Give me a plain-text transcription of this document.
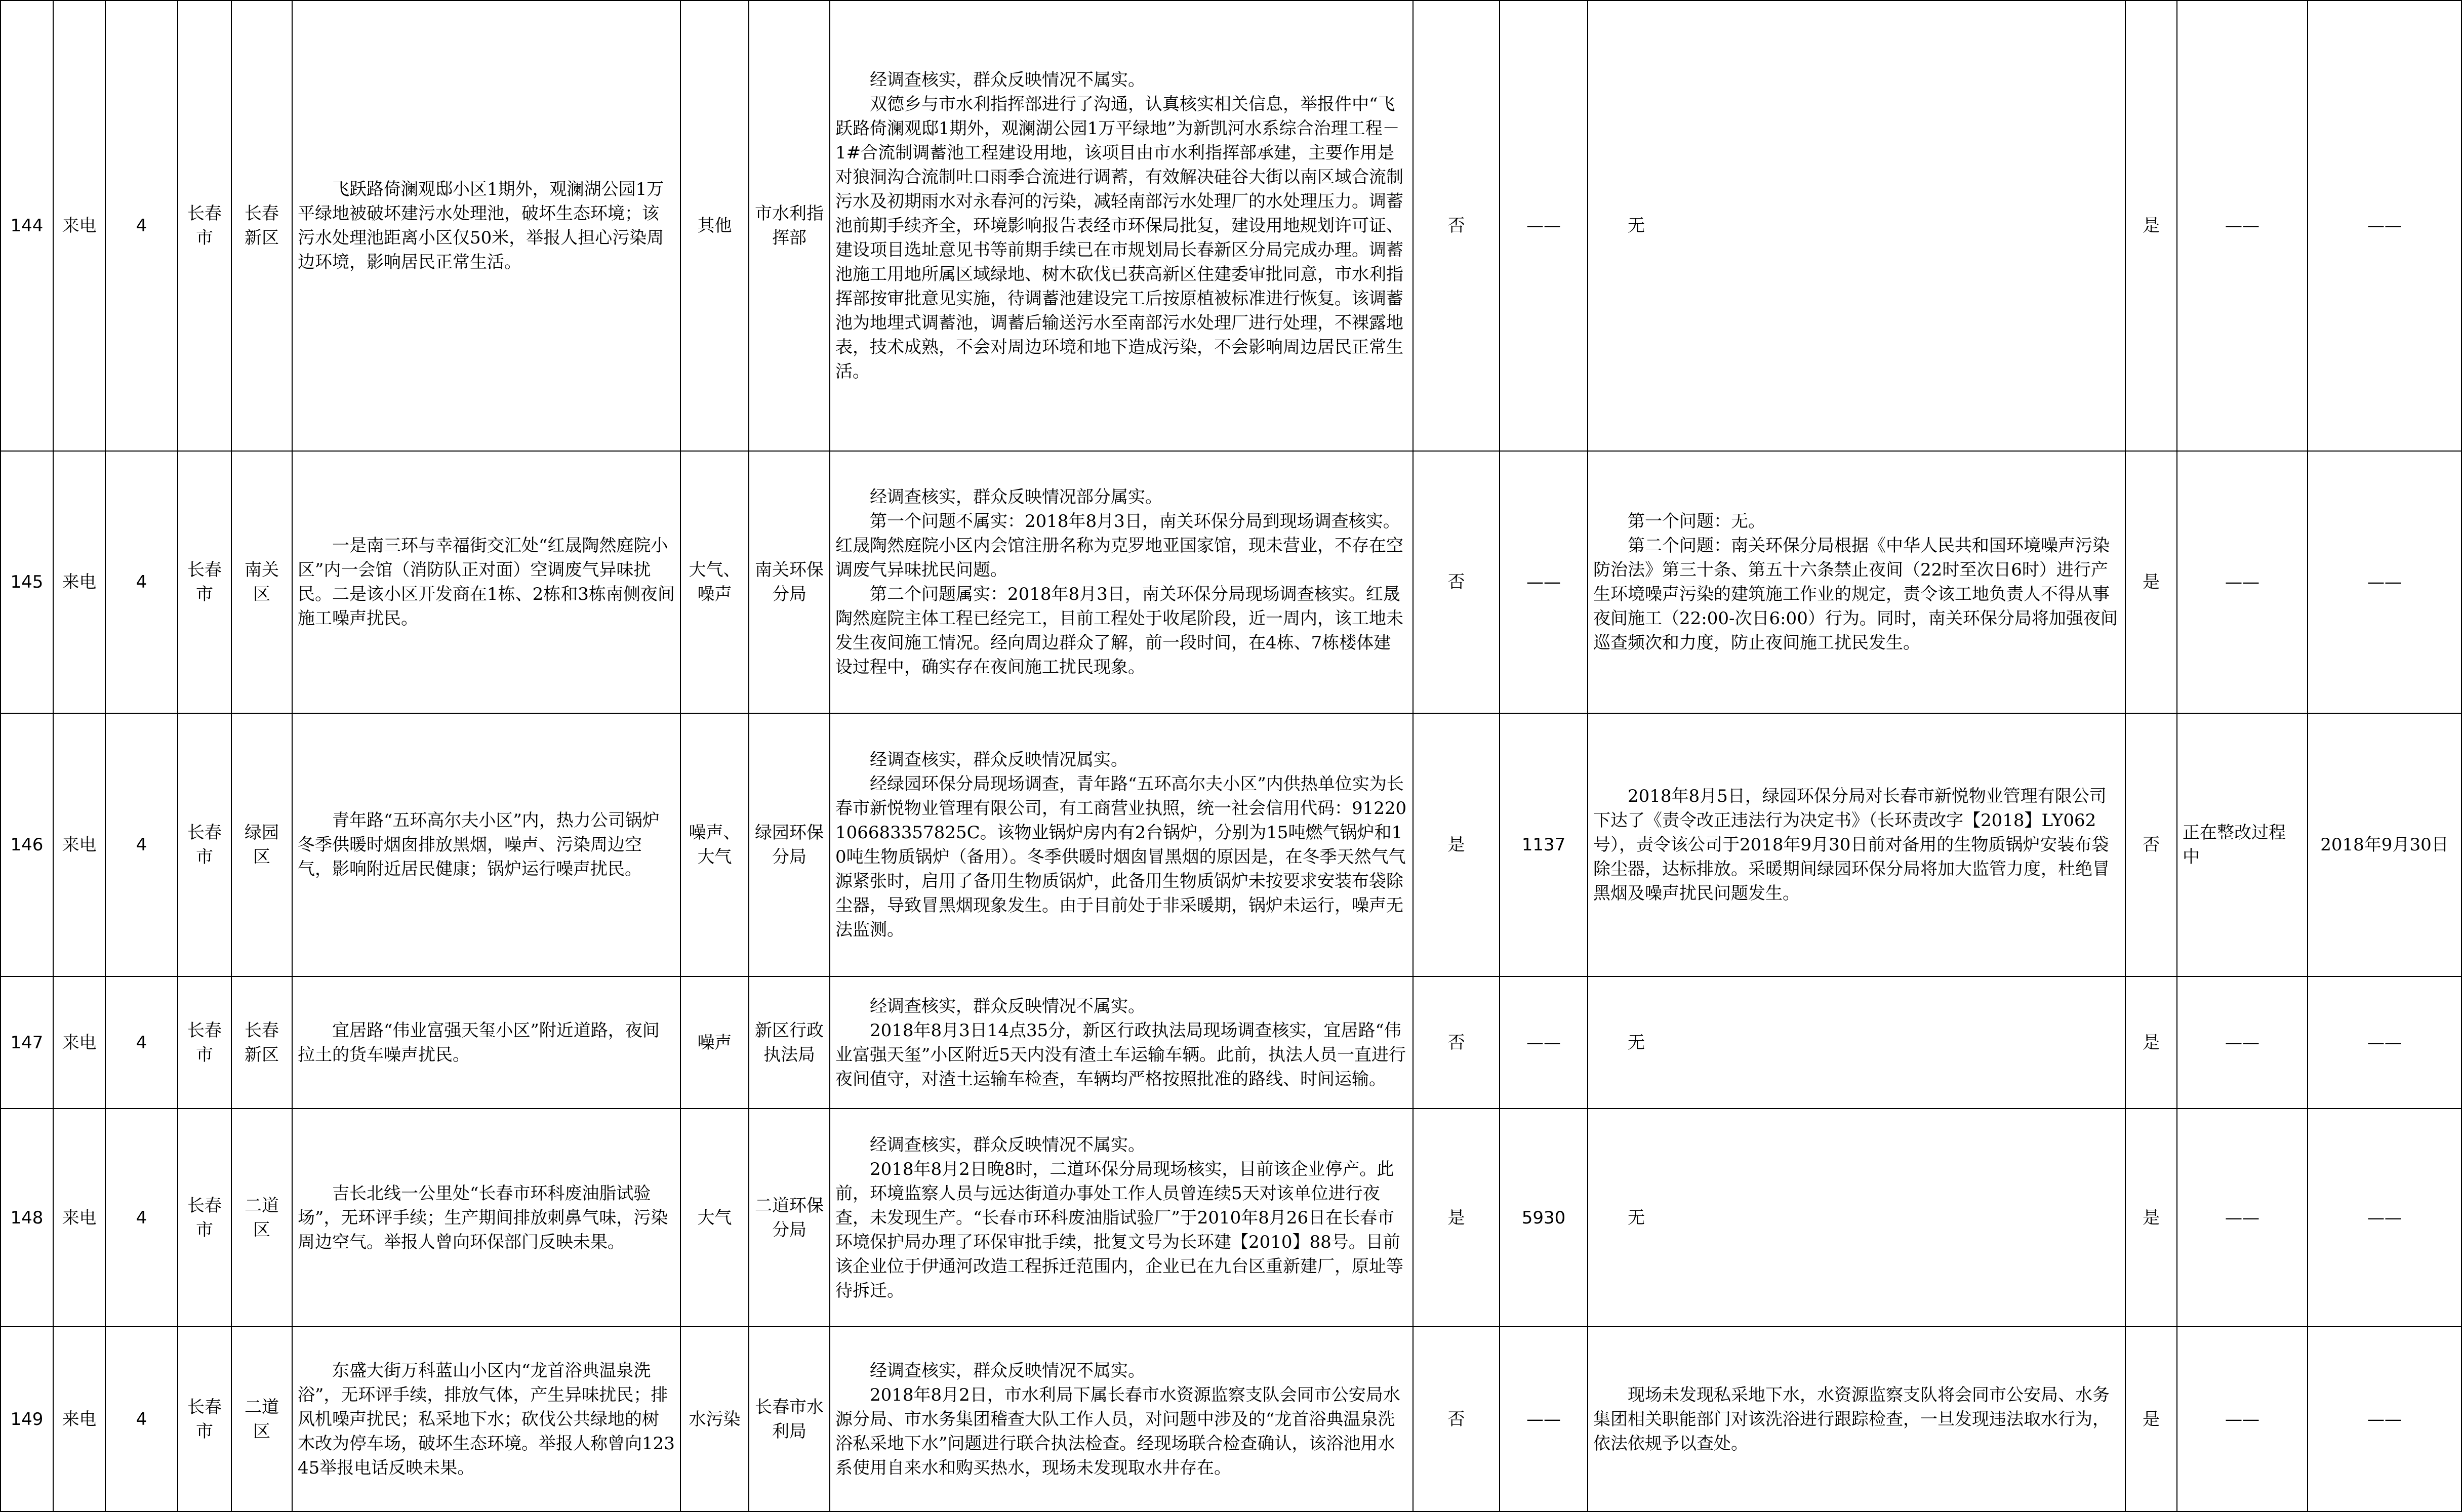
144	来电	4	长春市	长春新区	飞跃路倚澜观邸小区1期外，观澜湖公园1万平绿地被破坏建污水处理池，破坏生态环境；该污水处理池距离小区仅50米，举报人担心污染周边环境，影响居民正常生活。	其他	市水利指挥部	经调查核实，群众反映情况不属实。
双德乡与市水利指挥部进行了沟通，认真核实相关信息，举报件中“飞跃路倚澜观邸1期外，观澜湖公园1万平绿地”为新凯河水系综合治理工程－1#合流制调蓄池工程建设用地，该项目由市水利指挥部承建，主要作用是对狼洞沟合流制吐口雨季合流进行调蓄，有效解决硅谷大街以南区域合流制污水及初期雨水对永春河的污染，减轻南部污水处理厂的水处理压力。调蓄池前期手续齐全，环境影响报告表经市环保局批复，建设用地规划许可证、建设项目选址意见书等前期手续已在市规划局长春新区分局完成办理。调蓄池施工用地所属区域绿地、树木砍伐已获高新区住建委审批同意，市水利指挥部按审批意见实施，待调蓄池建设完工后按原植被标准进行恢复。该调蓄池为地埋式调蓄池，调蓄后输送污水至南部污水处理厂进行处理，不裸露地表，技术成熟，不会对周边环境和地下造成污染，不会影响周边居民正常生活。	否	——	无	是	——	——
145	来电	4	长春市	南关区	一是南三环与幸福街交汇处“红晟陶然庭院小区”内一会馆（消防队正对面）空调废气异味扰民。二是该小区开发商在1栋、2栋和3栋南侧夜间施工噪声扰民。	大气、噪声	南关环保分局	经调查核实，群众反映情况部分属实。
第一个问题不属实：2018年8月3日，南关环保分局到现场调查核实。红晟陶然庭院小区内会馆注册名称为克罗地亚国家馆，现未营业，不存在空调废气异味扰民问题。
第二个问题属实：2018年8月3日，南关环保分局现场调查核实。红晟陶然庭院主体工程已经完工，目前工程处于收尾阶段，近一周内，该工地未发生夜间施工情况。经向周边群众了解，前一段时间，在4栋、7栋楼体建设过程中，确实存在夜间施工扰民现象。	否	——	第一个问题：无。
第二个问题：南关环保分局根据《中华人民共和国环境噪声污染防治法》第三十条、第五十六条禁止夜间（22时至次日6时）进行产生环境噪声污染的建筑施工作业的规定，责令该工地负责人不得从事夜间施工（22:00-次日6:00）行为。同时，南关环保分局将加强夜间巡查频次和力度，防止夜间施工扰民发生。	是	——	——
146	来电	4	长春市	绿园区	青年路“五环高尔夫小区”内，热力公司锅炉冬季供暖时烟囱排放黑烟，噪声、污染周边空气，影响附近居民健康；锅炉运行噪声扰民。	噪声、大气	绿园环保分局	经调查核实，群众反映情况属实。
经绿园环保分局现场调查，青年路“五环高尔夫小区”内供热单位实为长春市新悦物业管理有限公司，有工商营业执照，统一社会信用代码：91220106683357825C。该物业锅炉房内有2台锅炉，分别为15吨燃气锅炉和10吨生物质锅炉（备用）。冬季供暖时烟囱冒黑烟的原因是，在冬季天然气气源紧张时，启用了备用生物质锅炉，此备用生物质锅炉未按要求安装布袋除尘器，导致冒黑烟现象发生。由于目前处于非采暖期，锅炉未运行，噪声无法监测。	是	1137	2018年8月5日，绿园环保分局对长春市新悦物业管理有限公司下达了《责令改正违法行为决定书》（长环责改字【2018】LY062号），责令该公司于2018年9月30日前对备用的生物质锅炉安装布袋除尘器，达标排放。采暖期间绿园环保分局将加大监管力度，杜绝冒黑烟及噪声扰民问题发生。	否	正在整改过程中	2018年9月30日
147	来电	4	长春市	长春新区	宜居路“伟业富强天玺小区”附近道路，夜间拉土的货车噪声扰民。	噪声	新区行政执法局	经调查核实，群众反映情况不属实。
2018年8月3日14点35分，新区行政执法局现场调查核实，宜居路“伟业富强天玺”小区附近5天内没有渣土车运输车辆。此前，执法人员一直进行夜间值守，对渣土运输车检查，车辆均严格按照批准的路线、时间运输。	否	——	无	是	——	——
148	来电	4	长春市	二道区	吉长北线一公里处“长春市环科废油脂试验场”，无环评手续；生产期间排放刺鼻气味，污染周边空气。举报人曾向环保部门反映未果。	大气	二道环保分局	经调查核实，群众反映情况不属实。
2018年8月2日晚8时，二道环保分局现场核实，目前该企业停产。此前，环境监察人员与远达街道办事处工作人员曾连续5天对该单位进行夜查，未发现生产。“长春市环科废油脂试验厂”于2010年8月26日在长春市环境保护局办理了环保审批手续，批复文号为长环建【2010】88号。目前该企业位于伊通河改造工程拆迁范围内，企业已在九台区重新建厂，原址等待拆迁。	是	5930	无	是	——	——
149	来电	4	长春市	二道区	东盛大街万科蓝山小区内“龙首浴典温泉洗浴”，无环评手续，排放气体，产生异味扰民；排风机噪声扰民；私采地下水；砍伐公共绿地的树木改为停车场，破坏生态环境。举报人称曾向12345举报电话反映未果。	水污染	长春市水利局	经调查核实，群众反映情况不属实。
2018年8月2日，市水利局下属长春市水资源监察支队会同市公安局水源分局、市水务集团稽查大队工作人员，对问题中涉及的“龙首浴典温泉洗浴私采地下水”问题进行联合执法检查。经现场联合检查确认，该浴池用水系使用自来水和购买热水，现场未发现取水井存在。	否	——	现场未发现私采地下水，水资源监察支队将会同市公安局、水务集团相关职能部门对该洗浴进行跟踪检查，一旦发现违法取水行为，依法依规予以查处。	是	——	——
